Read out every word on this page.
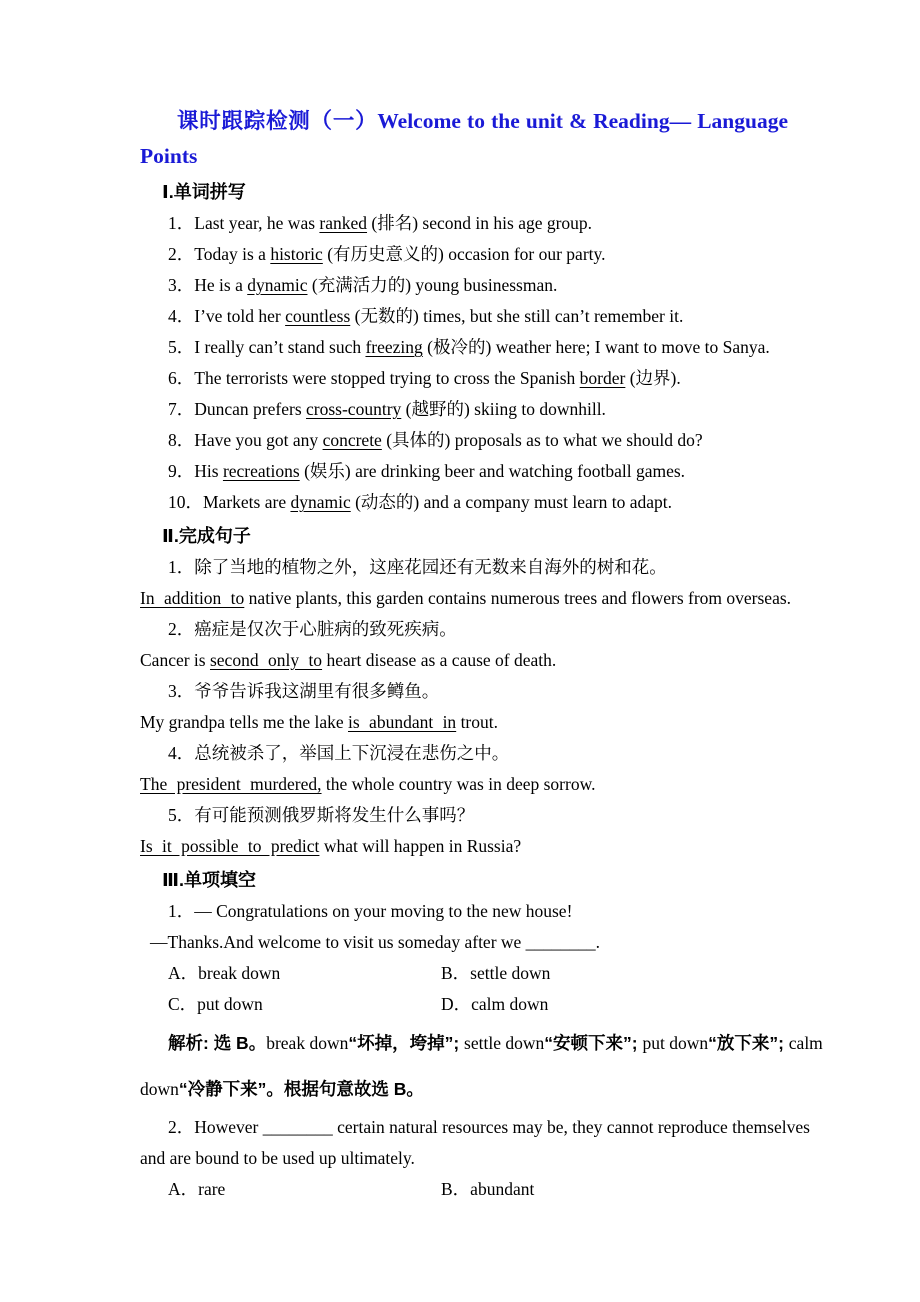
课时跟踪检测（一）Welcome to the unit & Reading— Language
Points
Ⅰ.单词拼写
1．Last year, he was ranked (排名) second in his age group.
2．Today is a historic (有历史意义的) occasion for our party.
3．He is a dynamic (充满活力的) young businessman.
4．I’ve told her countless (无数的) times, but she still can’t remember it.
5．I really can’t stand such freezing (极冷的) weather here; I want to move to Sanya.
6．The terrorists were stopped trying to cross the Spanish border (边界).
7．Duncan prefers cross-country (越野的) skiing to downhill.
8．Have you got any concrete (具体的) proposals as to what we should do?
9．His recreations (娱乐) are drinking beer and watching football games.
10．Markets are dynamic (动态的) and a company must learn to adapt.
Ⅱ.完成句子
1．除了当地的植物之外，这座花园还有无数来自海外的树和花。
In addition to native plants, this garden contains numerous trees and flowers from overseas.
2．癌症是仅次于心脏病的致死疾病。
Cancer is second only to heart disease as a cause of death.
3．爷爷告诉我这湖里有很多鳟鱼。
My grandpa tells me the lake is abundant in trout.
4．总统被杀了，举国上下沉浸在悲伤之中。
The president murdered, the whole country was in deep sorrow.
5．有可能预测俄罗斯将发生什么事吗？
Is it possible to predict what will happen in Russia?
Ⅲ.单项填空
1．— Congratulations on your moving to the new house!
—Thanks.And welcome to visit us someday after we ________.
A．break down	B．settle down
C．put down	D．calm down
解析: 选 B。break down“坏掉，垮掉”; settle down“安顿下来”; put down“放下来”; calm
down“冷静下来”。根据句意故选 B。
2．However ________ certain natural resources may be, they cannot reproduce themselves
and are bound to be used up ultimately.
A．rare	B．abundant
